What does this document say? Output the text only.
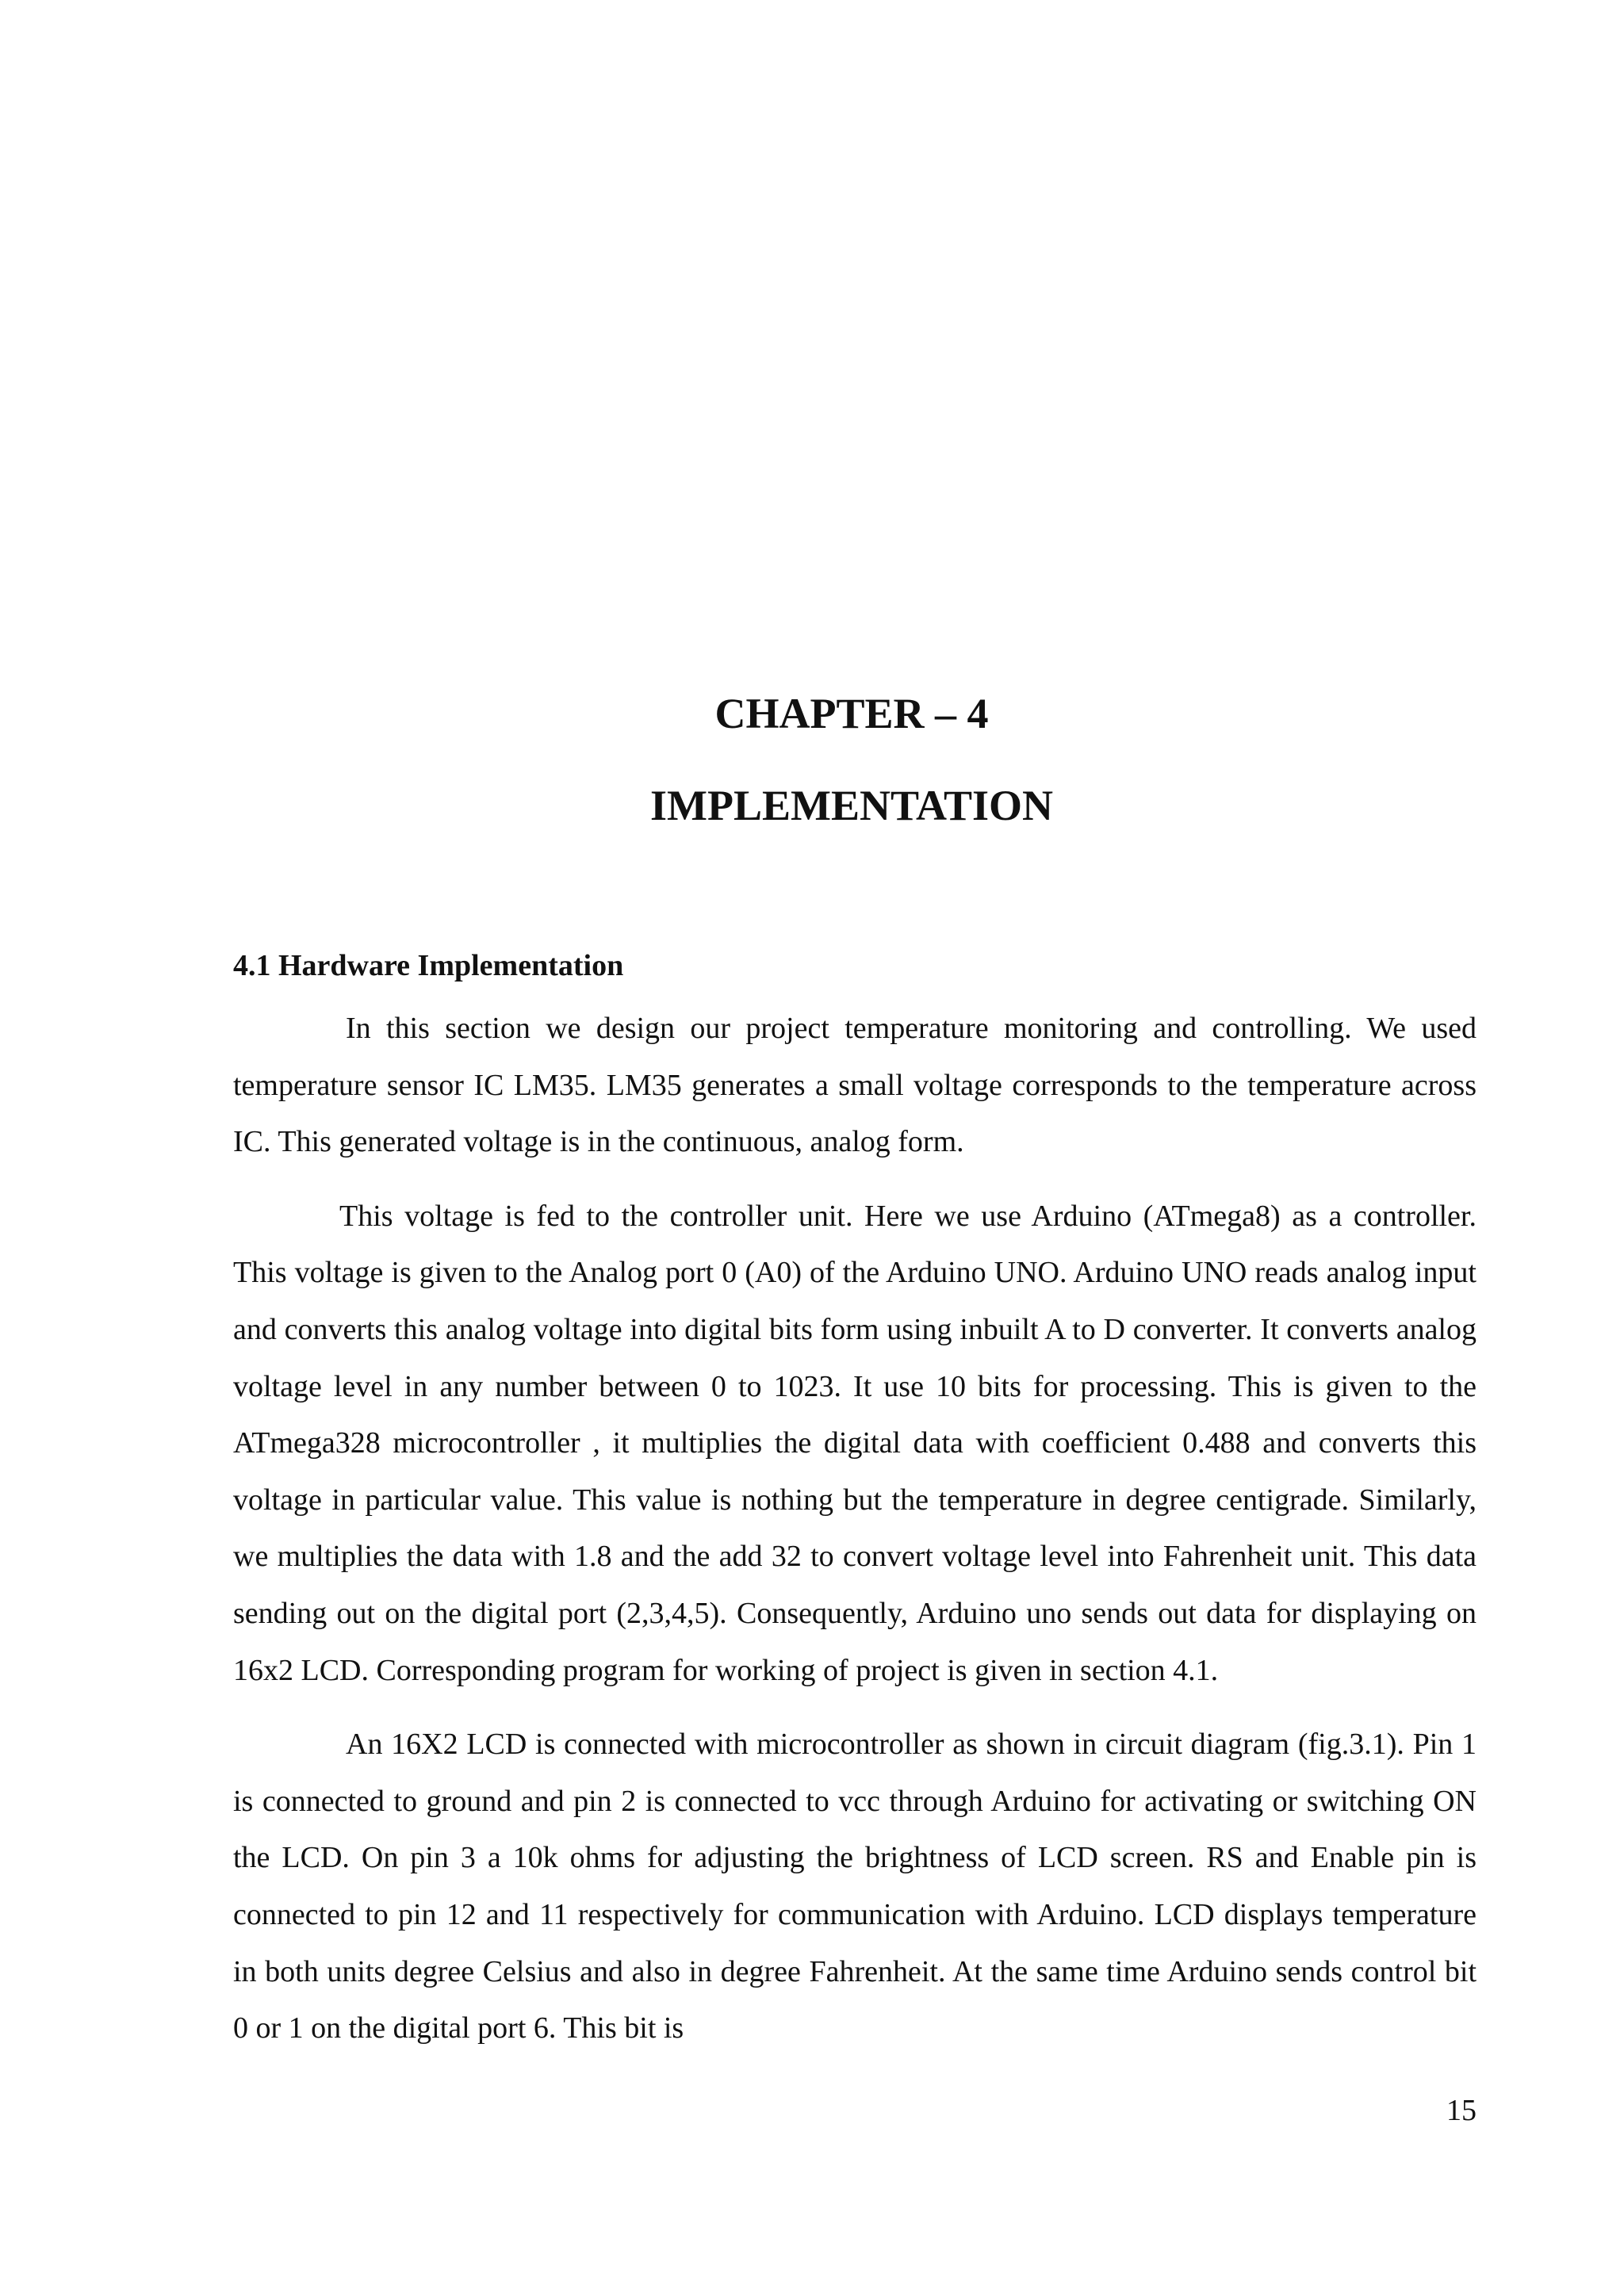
CHAPTER – 4
IMPLEMENTATION
4.1 Hardware Implementation

In this section we design our project temperature monitoring and controlling. We used temperature sensor IC LM35. LM35 generates a small voltage corresponds to the temperature across IC. This generated voltage is in the continuous, analog form.

This voltage is fed to the controller unit. Here we use Arduino (ATmega8) as a controller. This voltage is given to the Analog port 0 (A0) of the Arduino UNO. Arduino UNO reads analog input and converts this analog voltage into digital bits form using inbuilt A to D converter. It converts analog voltage level in any number between 0 to 1023. It use 10 bits for processing. This is given to the ATmega328 microcontroller , it multiplies the digital data with coefficient 0.488 and converts this voltage in particular value. This value is nothing but the temperature in degree centigrade. Similarly, we multiplies the data with 1.8 and the add 32 to convert voltage level into Fahrenheit unit. This data sending out on the digital port (2,3,4,5). Consequently, Arduino uno sends out data for displaying on 16x2 LCD. Corresponding program for working of project is given in section 4.1.

An 16X2 LCD is connected with microcontroller as shown in circuit diagram (fig.3.1). Pin 1 is connected to ground and pin 2 is connected to vcc through Arduino for activating or switching ON the LCD. On pin 3 a 10k ohms for adjusting the brightness of LCD screen. RS and Enable pin is connected to pin 12 and 11 respectively for communication with Arduino. LCD displays temperature in both units degree Celsius and also in degree Fahrenheit. At the same time Arduino sends control bit 0 or 1 on the digital port 6. This bit is

15
